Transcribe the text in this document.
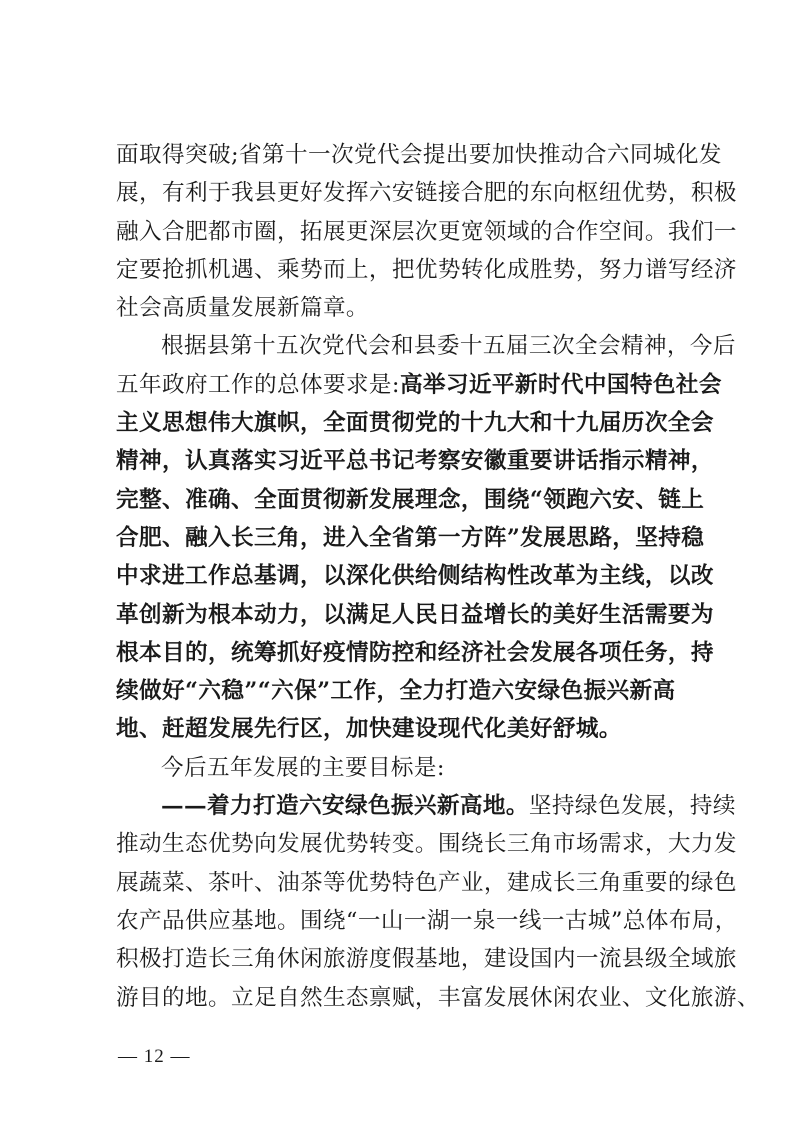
面取得突破;省第十一次党代会提出要加快推动合六同城化发
展，有利于我县更好发挥六安链接合肥的东向枢纽优势，积极
融入合肥都市圈，拓展更深层次更宽领域的合作空间。我们一
定要抢抓机遇、乘势而上，把优势转化成胜势，努力谱写经济
社会高质量发展新篇章。

根据县第十五次党代会和县委十五届三次全会精神，今后
五年政府工作的总体要求是:高举习近平新时代中国特色社会
主义思想伟大旗帜，全面贯彻党的十九大和十九届历次全会
精神，认真落实习近平总书记考察安徽重要讲话指示精神，
完整、准确、全面贯彻新发展理念，围绕“领跑六安、链上
合肥、融入长三角，进入全省第一方阵”发展思路，坚持稳
中求进工作总基调，以深化供给侧结构性改革为主线，以改
革创新为根本动力，以满足人民日益增长的美好生活需要为
根本目的，统筹抓好疫情防控和经济社会发展各项任务，持
续做好“六稳”“六保”工作，全力打造六安绿色振兴新高
地、赶超发展先行区，加快建设现代化美好舒城。

今后五年发展的主要目标是:

——着力打造六安绿色振兴新高地。坚持绿色发展，持续
推动生态优势向发展优势转变。围绕长三角市场需求，大力发
展蔬菜、茶叶、油茶等优势特色产业，建成长三角重要的绿色
农产品供应基地。围绕“一山一湖一泉一线一古城”总体布局，
积极打造长三角休闲旅游度假基地，建设国内一流县级全域旅
游目的地。立足自然生态禀赋，丰富发展休闲农业、文化旅游、

— 12 —
